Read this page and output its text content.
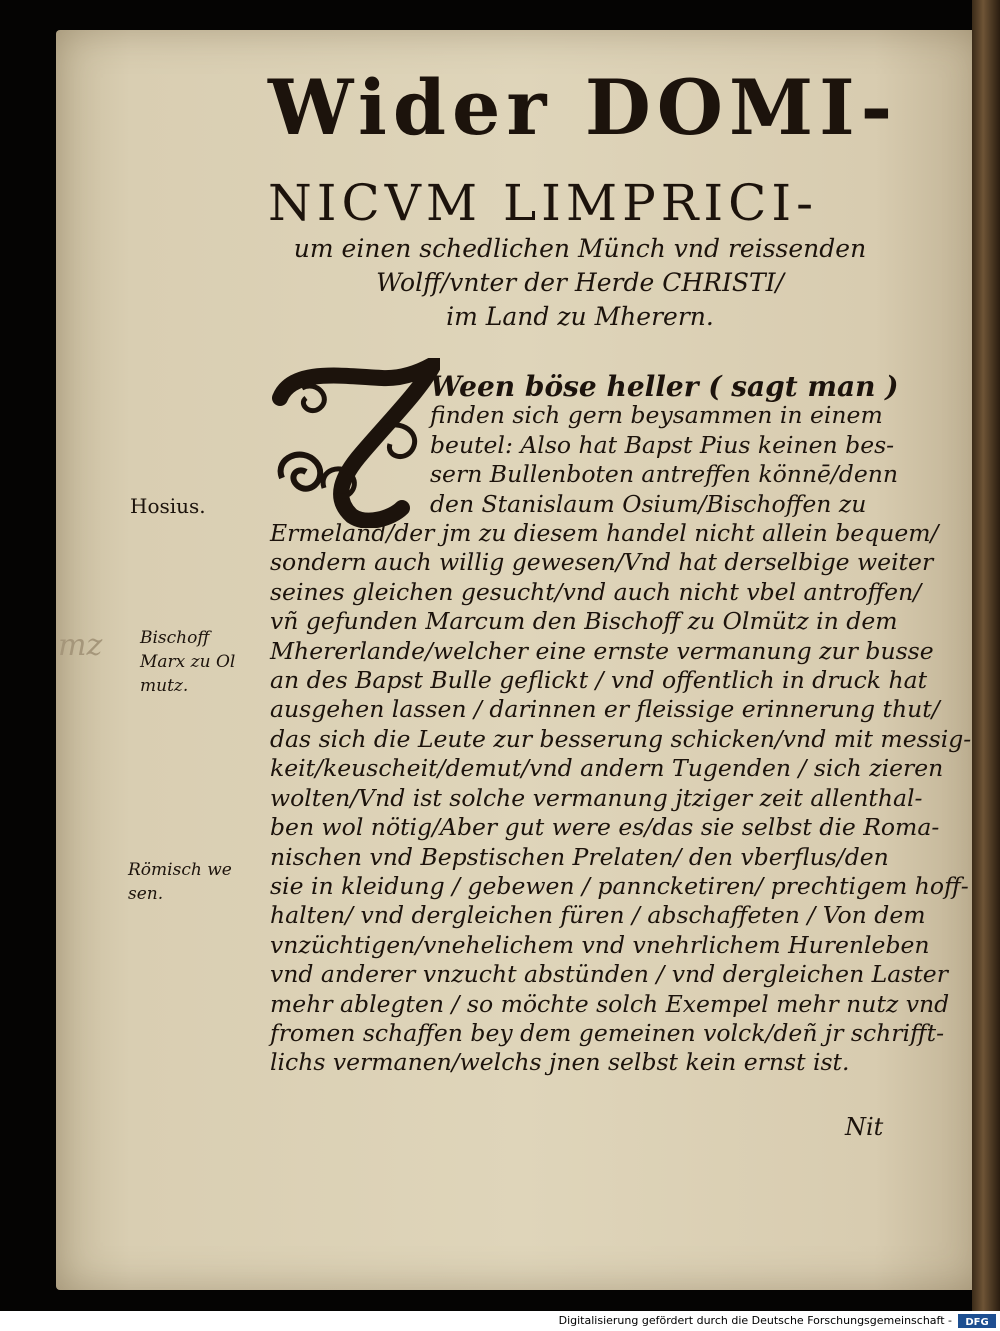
Wider DOMI-
NICVM LIMPRICI-
um einen schedlichen Münch vnd reissenden
Wolff/vnter der Herde CHRISTI/
im Land zu Mherern.
Ween böse heller ( sagt man )
finden sich gern beysammen in einem
beutel: Also hat Bapst Pius keinen bes-
sern Bullenboten antreffen könnē/denn
den Stanislaum Osium/Bischoffen zu
Ermeland/der jm zu diesem handel nicht allein bequem/
sondern auch willig gewesen/Vnd hat derselbige weiter
seines gleichen gesucht/vnd auch nicht vbel antroffen/
vñ gefunden Marcum den Bischoff zu Olmütz in dem
Mhererlande/welcher eine ernste vermanung zur busse
an des Bapst Bulle geflickt / vnd offentlich in druck hat
ausgehen lassen / darinnen er fleissige erinnerung thut/
das sich die Leute zur besserung schicken/vnd mit messig-
keit/keuscheit/demut/vnd andern Tugenden / sich zieren
wolten/Vnd ist solche vermanung jtziger zeit allenthal-
ben wol nötig/Aber gut were es/das sie selbst die Roma-
nischen vnd Bepstischen Prelaten/ den vberflus/den
sie in kleidung / gebewen / panncketiren/ prechtigem hoff-
halten/ vnd dergleichen füren / abschaffeten / Von dem
vnzüchtigen/vnehelichem vnd vnehrlichem Hurenleben
vnd anderer vnzucht abstünden / vnd dergleichen Laster
mehr ablegten / so möchte solch Exempel mehr nutz vnd
fromen schaffen bey dem gemeinen volck/deñ jr schrifft-
lichs vermanen/welchs jnen selbst kein ernst ist.
Nit
Hosius.
Bischoff
Marx zu Ol
mutz.
Römisch we
sen.
mz
Digitalisierung gefördert durch die Deutsche Forschungsgemeinschaft - DFG
